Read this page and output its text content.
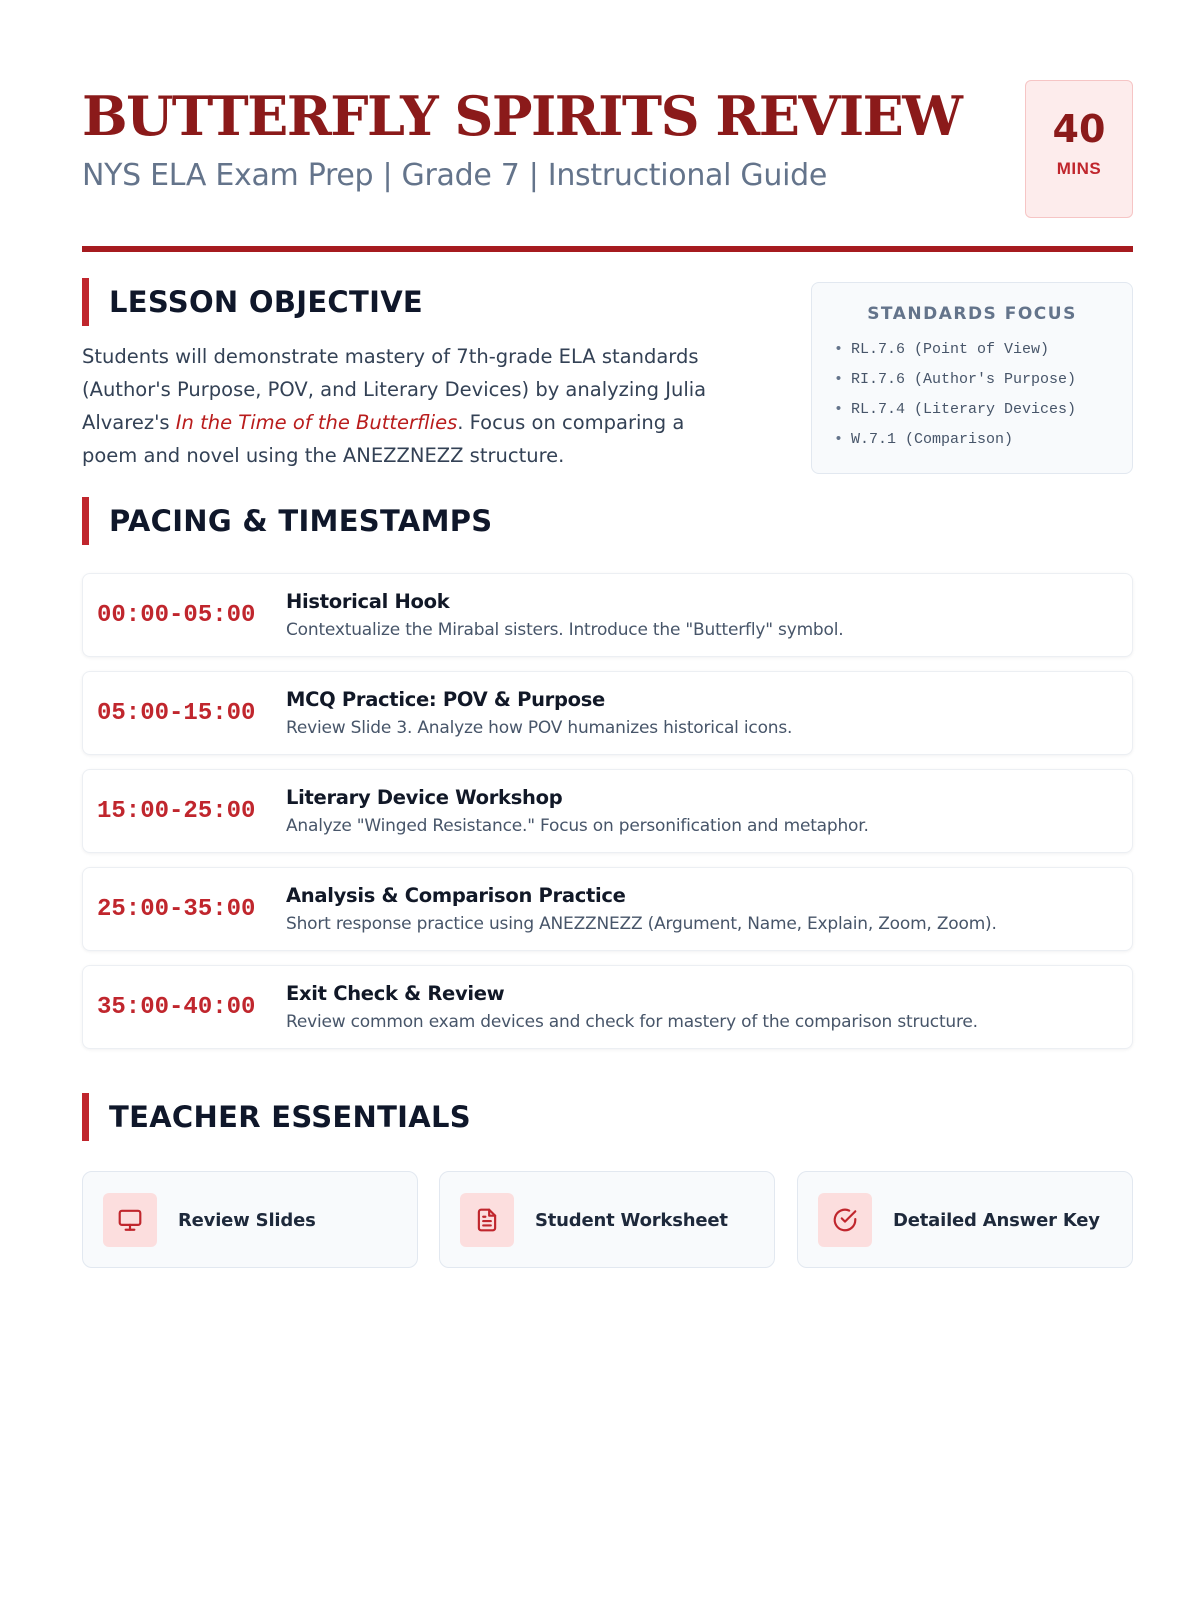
BUTTERFLY SPIRITS REVIEW
NYS ELA Exam Prep | Grade 7 | Instructional Guide
40
MINS
LESSON OBJECTIVE

Students will demonstrate mastery of 7th-grade ELA standards (Author's Purpose, POV, and Literary Devices) by analyzing Julia Alvarez's In the Time of the Butterflies. Focus on comparing a poem and novel using the ANEZZNEZZ structure.

STANDARDS FOCUS
• RL.7.6 (Point of View)
• RI.7.6 (Author's Purpose)
• RL.7.4 (Literary Devices)
• W.7.1 (Comparison)
PACING & TIMESTAMPS
00:00-05:00
Historical Hook
Contextualize the Mirabal sisters. Introduce the "Butterfly" symbol.
05:00-15:00
MCQ Practice: POV & Purpose
Review Slide 3. Analyze how POV humanizes historical icons.
15:00-25:00
Literary Device Workshop
Analyze "Winged Resistance." Focus on personification and metaphor.
25:00-35:00
Analysis & Comparison Practice
Short response practice using ANEZZNEZZ (Argument, Name, Explain, Zoom, Zoom).
35:00-40:00
Exit Check & Review
Review common exam devices and check for mastery of the comparison structure.
TEACHER ESSENTIALS
Review Slides	Student Worksheet	Detailed Answer Key
